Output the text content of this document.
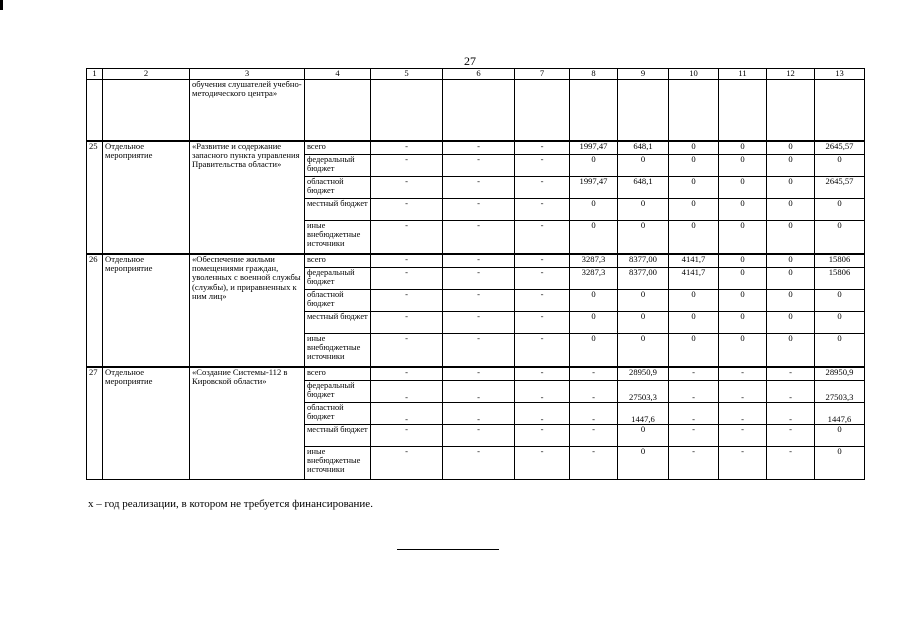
27
1	2	3	4	5	6	7	8	9	10	11	12	13
		обучения слушателей учебно-методического центра»										
25	Отдельное мероприятие	«Развитие и содержание запасного пункта управления Правительства области»	всего	-	-	-	1997,47	648,1	0	0	0	2645,57
			федеральный бюджет	-	-	-	0	0	0	0	0	0
			областной бюджет	-	-	-	1997,47	648,1	0	0	0	2645,57
			местный бюджет	-	-	-	0	0	0	0	0	0
			иные внебюджетные источники	-	-	-	0	0	0	0	0	0
26	Отдельное мероприятие	«Обеспечение жильми помещениями граждан, уволенных с военной службы (службы), и приравненных к ним лиц»	всего	-	-	-	3287,3	8377,00	4141,7	0	0	15806
			федеральный бюджет	-	-	-	3287,3	8377,00	4141,7	0	0	15806
			областной бюджет	-	-	-	0	0	0	0	0	0
			местный бюджет	-	-	-	0	0	0	0	0	0
			иные внебюджетные источники	-	-	-	0	0	0	0	0	0
27	Отдельное мероприятие	«Создание Системы-112 в Кировской области»	всего	-	-	-	-	28950,9	-	-	-	28950,9
			федеральный бюджет	-	-	-	-	27503,3	-	-	-	27503,3
			областной бюджет	-	-	-	-	1447,6	-	-	-	1447,6
			местный бюджет	-	-	-	-	0	-	-	-	0
			иные внебюджетные источники	-	-	-	-	0	-	-	-	0
х – год реализации, в котором не требуется финансирование.
